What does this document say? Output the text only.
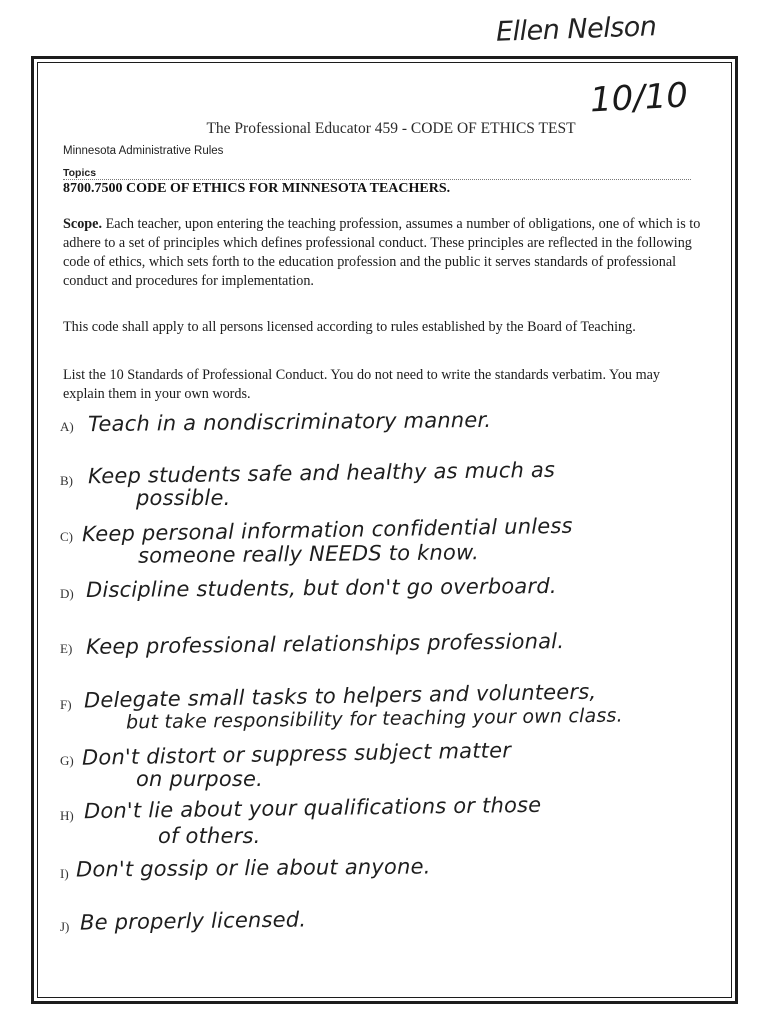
Ellen Nelson
10/10
The Professional Educator 459 - CODE OF ETHICS TEST
Minnesota Administrative Rules
Topics
8700.7500 CODE OF ETHICS FOR MINNESOTA TEACHERS.
Scope. Each teacher, upon entering the teaching profession, assumes a number of obligations, one of which is to adhere to a set of principles which defines professional conduct. These principles are reflected in the following code of ethics, which sets forth to the education profession and the public it serves standards of professional conduct and procedures for implementation.
This code shall apply to all persons licensed according to rules established by the Board of Teaching.
List the 10 Standards of Professional Conduct. You do not need to write the standards verbatim. You may explain them in your own words.
A) Teach in a nondiscriminatory manner.
B) Keep students safe and healthy as much as
possible.
C) Keep personal information confidential unless
someone really NEEDS to know.
D) Discipline students, but don't go overboard.
E) Keep professional relationships professional.
F) Delegate small tasks to helpers and volunteers,
but take responsibility for teaching your own class.
G) Don't distort or suppress subject matter
on purpose.
H) Don't lie about your qualifications or those
of others.
I) Don't gossip or lie about anyone.
J) Be properly licensed.
